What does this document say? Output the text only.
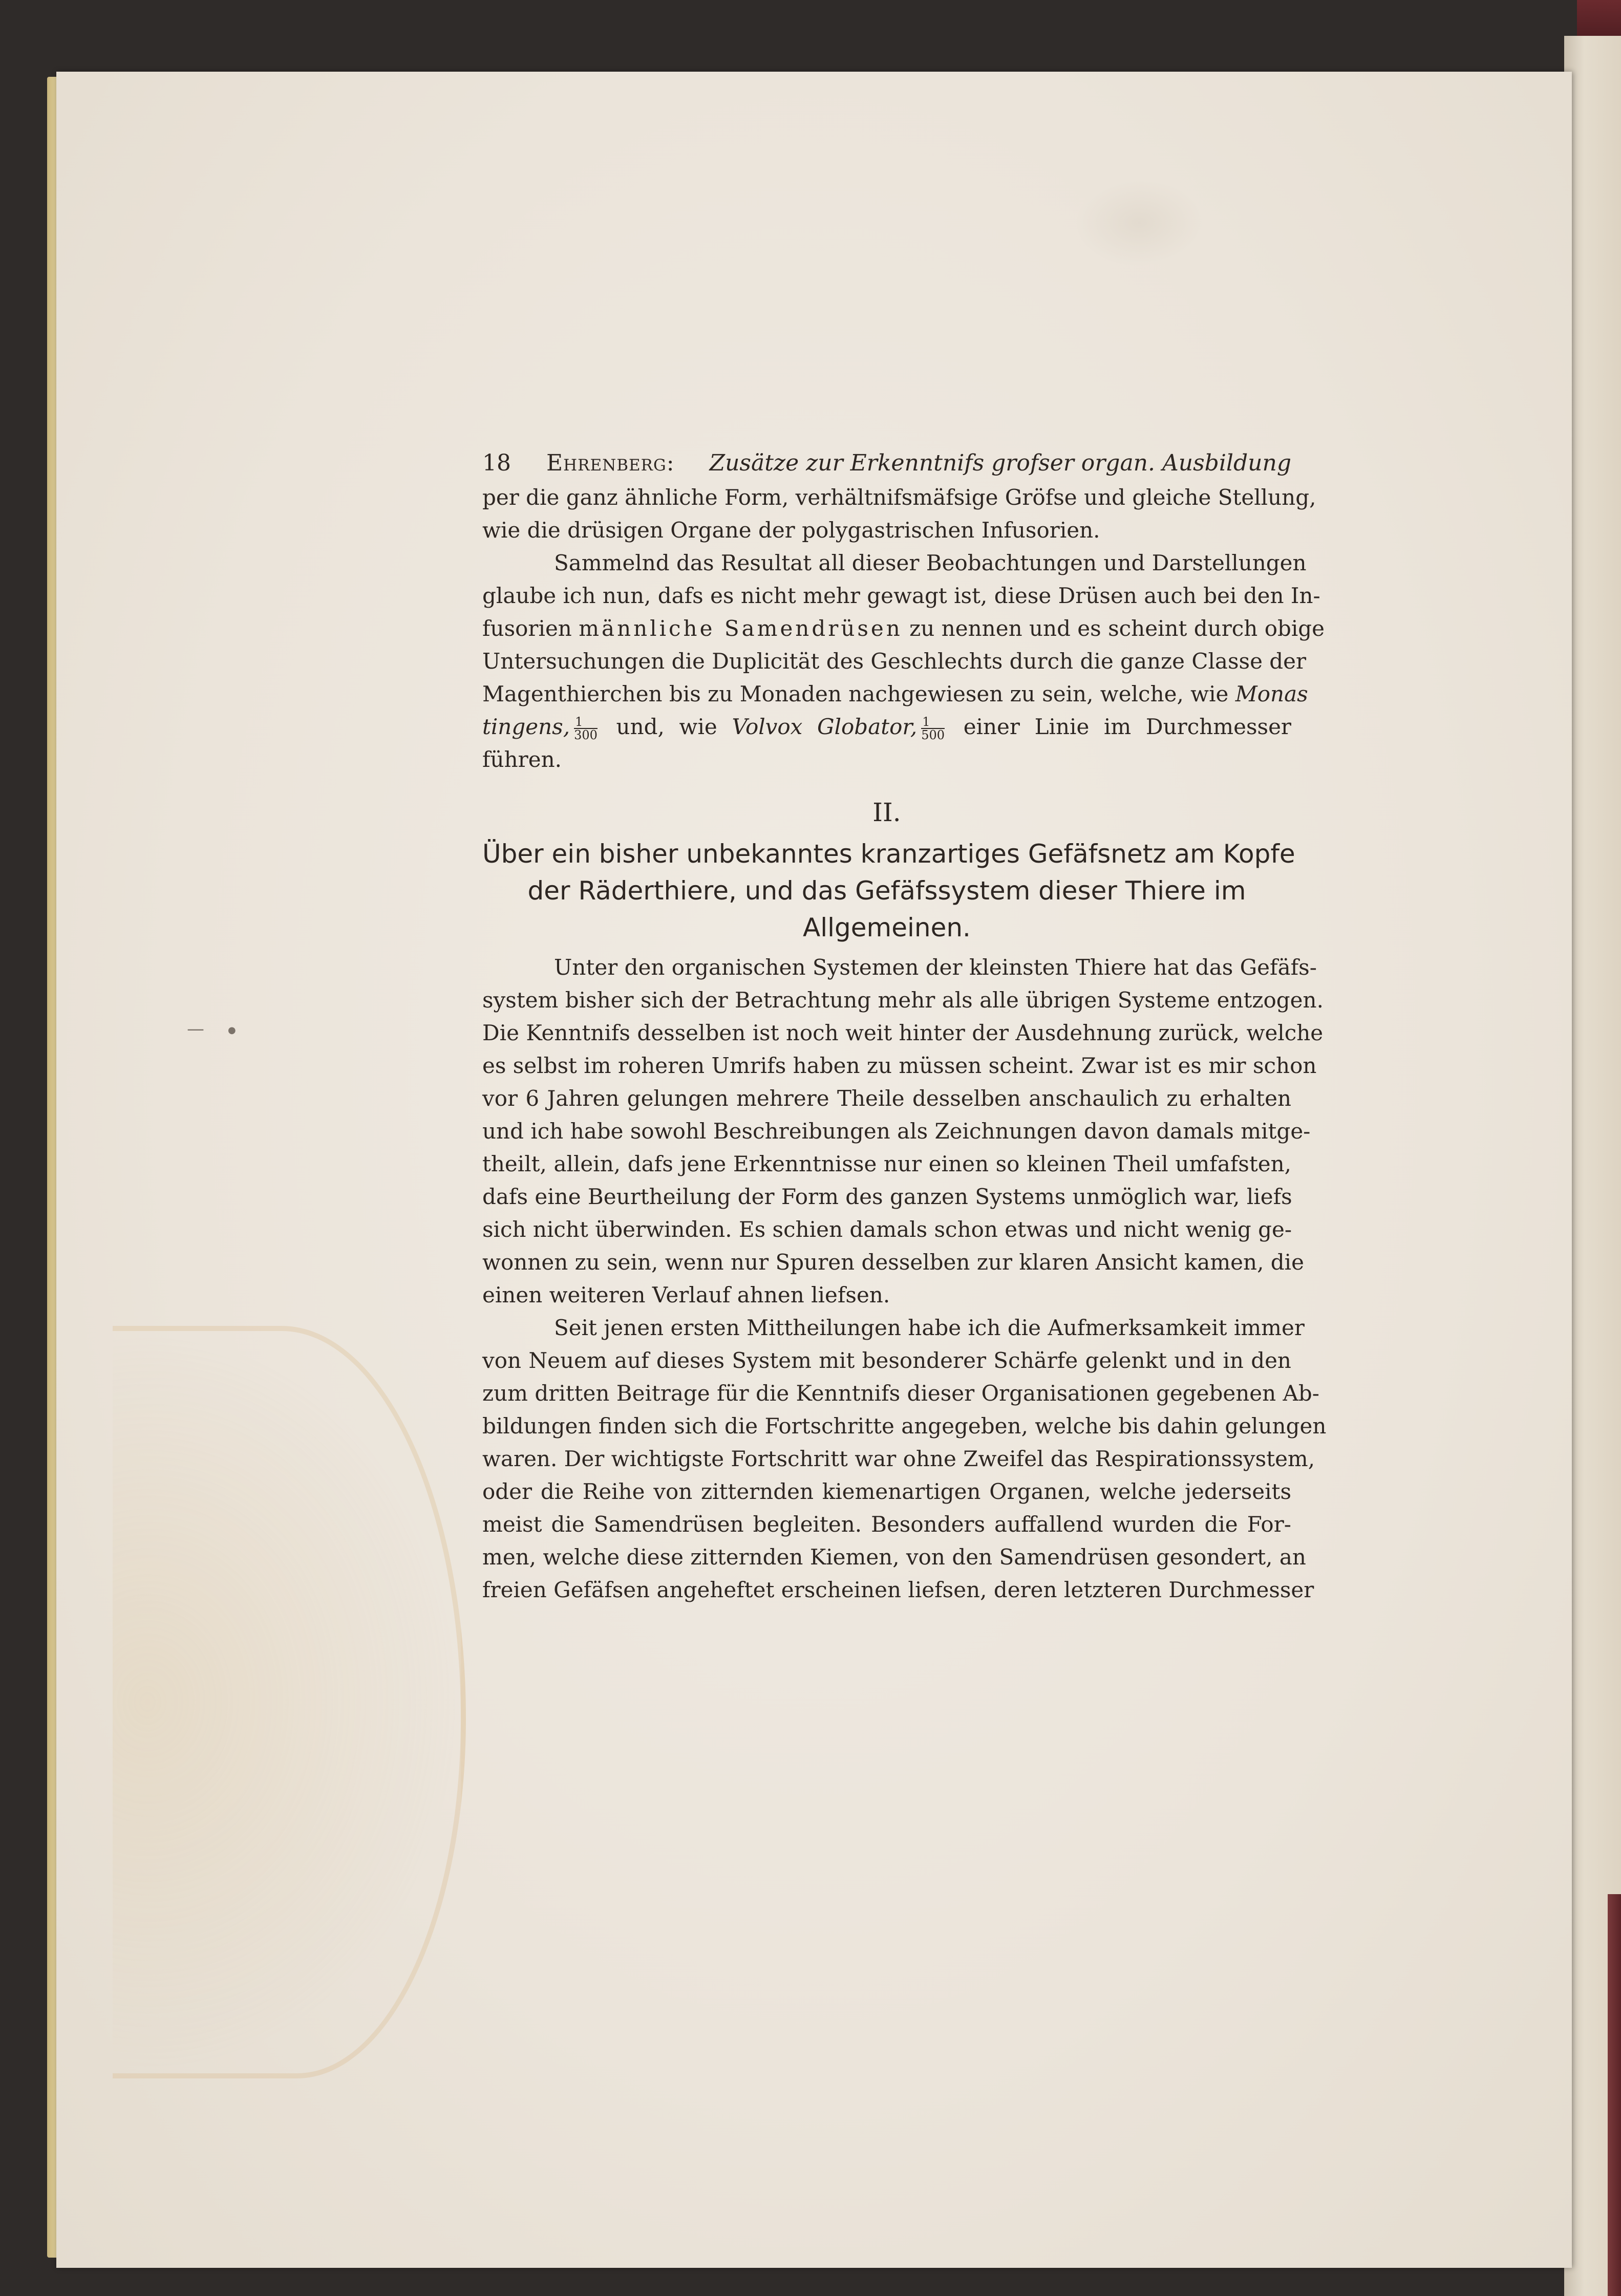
—	●
18 Ehrenberg: Zusätze zur Erkenntnifs grofser organ. Ausbildung
per die ganz ähnliche Form, verhältnifsmäfsige Gröfse und gleiche Stellung,
wie die drüsigen Organe der polygastrischen Infusorien.
Sammelnd das Resultat all dieser Beobachtungen und Darstellungen
glaube ich nun, dafs es nicht mehr gewagt ist, diese Drüsen auch bei den In-
fusorien männliche Samendrüsen zu nennen und es scheint durch obige
Untersuchungen die Duplicität des Geschlechts durch die ganze Classe der
Magenthierchen bis zu Monaden nachgewiesen zu sein, welche, wie Monas
tingens, $\frac{1}{300}$ und, wie Volvox Globator, $\frac{1}{500}$ einer Linie im Durchmesser
führen.
II.
Über ein bisher unbekanntes kranzartiges Gefäfsnetz am Kopfe
der Räderthiere, und das Gefäfssystem dieser Thiere im
Allgemeinen.
Unter den organischen Systemen der kleinsten Thiere hat das Gefäfs-
system bisher sich der Betrachtung mehr als alle übrigen Systeme entzogen.
Die Kenntnifs desselben ist noch weit hinter der Ausdehnung zurück, welche
es selbst im roheren Umrifs haben zu müssen scheint. Zwar ist es mir schon
vor 6 Jahren gelungen mehrere Theile desselben anschaulich zu erhalten
und ich habe sowohl Beschreibungen als Zeichnungen davon damals mitge-
theilt, allein, dafs jene Erkenntnisse nur einen so kleinen Theil umfafsten,
dafs eine Beurtheilung der Form des ganzen Systems unmöglich war, liefs
sich nicht überwinden. Es schien damals schon etwas und nicht wenig ge-
wonnen zu sein, wenn nur Spuren desselben zur klaren Ansicht kamen, die
einen weiteren Verlauf ahnen liefsen.
Seit jenen ersten Mittheilungen habe ich die Aufmerksamkeit immer
von Neuem auf dieses System mit besonderer Schärfe gelenkt und in den
zum dritten Beitrage für die Kenntnifs dieser Organisationen gegebenen Ab-
bildungen finden sich die Fortschritte angegeben, welche bis dahin gelungen
waren. Der wichtigste Fortschritt war ohne Zweifel das Respirationssystem,
oder die Reihe von zitternden kiemenartigen Organen, welche jederseits
meist die Samendrüsen begleiten. Besonders auffallend wurden die For-
men, welche diese zitternden Kiemen, von den Samendrüsen gesondert, an
freien Gefäfsen angeheftet erscheinen liefsen, deren letzteren Durchmesser
